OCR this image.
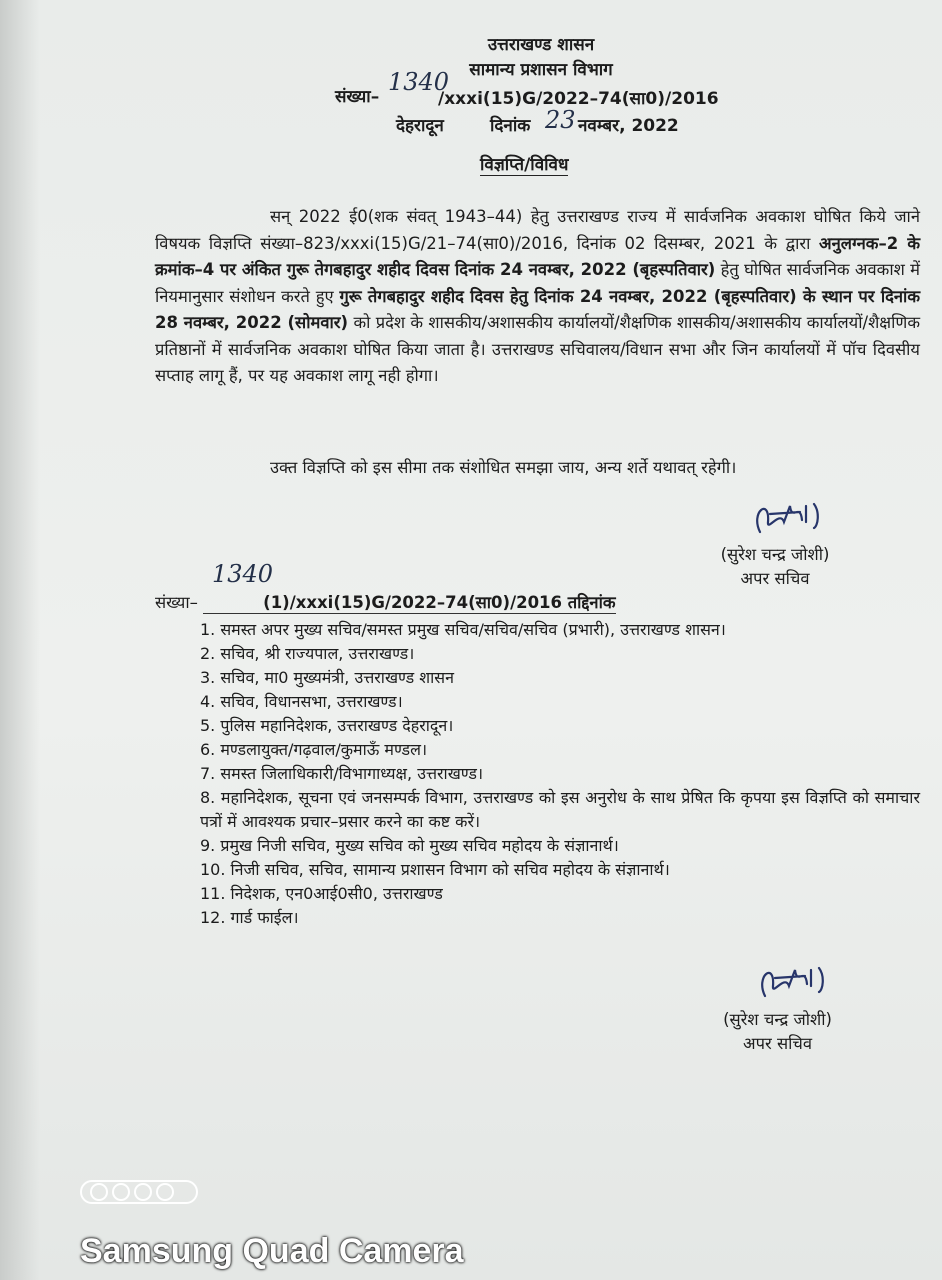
उत्तराखण्ड शासन
सामान्य प्रशासन विभाग
संख्या–
1340
/xxxi(15)G/2022–74(सा0)/2016
देहरादून	दिनांक 23 नवम्बर, 2022
विज्ञप्ति/विविध
सन् 2022 ई0(शक संवत् 1943–44) हेतु उत्तराखण्ड राज्य में सार्वजनिक अवकाश घोषित किये जाने विषयक विज्ञप्ति संख्या–823/xxxi(15)G/21–74(सा0)/2016, दिनांक 02 दिसम्बर, 2021 के द्वारा अनुलग्नक–2 के क्रमांक–4 पर अंकित गुरू तेगबहादुर शहीद दिवस दिनांक 24 नवम्बर, 2022 (बृहस्पतिवार) हेतु घोषित सार्वजनिक अवकाश में नियमानुसार संशोधन करते हुए गुरू तेगबहादुर शहीद दिवस हेतु दिनांक 24 नवम्बर, 2022 (बृहस्पतिवार) के स्थान पर दिनांक 28 नवम्बर, 2022 (सोमवार) को प्रदेश के शासकीय/अशासकीय कार्यालयों/शैक्षणिक शासकीय/अशासकीय कार्यालयों/शैक्षणिक प्रतिष्ठानों में सार्वजनिक अवकाश घोषित किया जाता है। उत्तराखण्ड सचिवालय/विधान सभा और जिन कार्यालयों में पॉच दिवसीय सप्ताह लागू हैं, पर यह अवकाश लागू नही होगा।
उक्त विज्ञप्ति को इस सीमा तक संशोधित समझा जाय, अन्य शर्ते यथावत् रहेगी।
(सुरेश चन्द्र जोशी)
अपर सचिव
1340
संख्या–	(1)/xxxi(15)G/2022–74(सा0)/2016 तद्दिनांक
1. समस्त अपर मुख्य सचिव/समस्त प्रमुख सचिव/सचिव/सचिव (प्रभारी), उत्तराखण्ड शासन।
2. सचिव, श्री राज्यपाल, उत्तराखण्ड।
3. सचिव, मा0 मुख्यमंत्री, उत्तराखण्ड शासन
4. सचिव, विधानसभा, उत्तराखण्ड।
5. पुलिस महानिदेशक, उत्तराखण्ड देहरादून।
6. मण्डलायुक्त/गढ़वाल/कुमाऊँ मण्डल।
7. समस्त जिलाधिकारी/विभागाध्यक्ष, उत्तराखण्ड।
8. महानिदेशक, सूचना एवं जनसम्पर्क विभाग, उत्तराखण्ड को इस अनुरोध के साथ प्रेषित कि कृपया इस विज्ञप्ति को समाचार पत्रों में आवश्यक प्रचार–प्रसार करने का कष्ट करें।
9. प्रमुख निजी सचिव, मुख्य सचिव को मुख्य सचिव महोदय के संज्ञानार्थ।
10. निजी सचिव, सचिव, सामान्य प्रशासन विभाग को सचिव महोदय के संज्ञानार्थ।
11. निदेशक, एन0आई0सी0, उत्तराखण्ड
12. गार्ड फाईल।
(सुरेश चन्द्र जोशी)
अपर सचिव
Samsung Quad Camera
